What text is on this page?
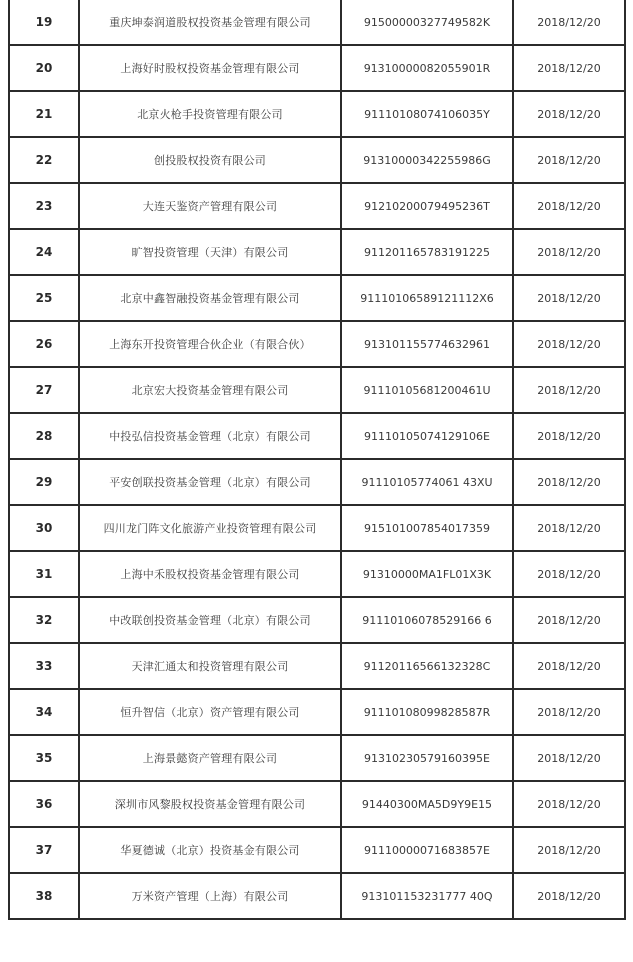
19	重庆坤泰润道股权投资基金管理有限公司	91500000327749582K	2018/12/20
20	上海好时股权投资基金管理有限公司	91310000082055901R	2018/12/20
21	北京火枪手投资管理有限公司	91110108074106035Y	2018/12/20
22	创投股权投资有限公司	91310000342255986G	2018/12/20
23	大连天鉴资产管理有限公司	91210200079495236T	2018/12/20
24	旷智投资管理（天津）有限公司	911201165783191225	2018/12/20
25	北京中鑫智融投资基金管理有限公司	91110106589121112X6	2018/12/20
26	上海东开投资管理合伙企业（有限合伙）	913101155774632961	2018/12/20
27	北京宏大投资基金管理有限公司	91110105681200461U	2018/12/20
28	中投弘信投资基金管理（北京）有限公司	91110105074129106E	2018/12/20
29	平安创联投资基金管理（北京）有限公司	91110105774061 43XU	2018/12/20
30	四川龙门阵文化旅游产业投资管理有限公司	915101007854017359	2018/12/20
31	上海中禾股权投资基金管理有限公司	91310000MA1FL01X3K	2018/12/20
32	中改联创投资基金管理（北京）有限公司	91110106078529166 6	2018/12/20
33	天津汇通太和投资管理有限公司	91120116566132328C	2018/12/20
34	恒升智信（北京）资产管理有限公司	91110108099828587R	2018/12/20
35	上海景懿资产管理有限公司	91310230579160395E	2018/12/20
36	深圳市风黎股权投资基金管理有限公司	91440300MA5D9Y9E15	2018/12/20
37	华夏德诚（北京）投资基金有限公司	91110000071683857E	2018/12/20
38	万米资产管理（上海）有限公司	913101153231777 40Q	2018/12/20
